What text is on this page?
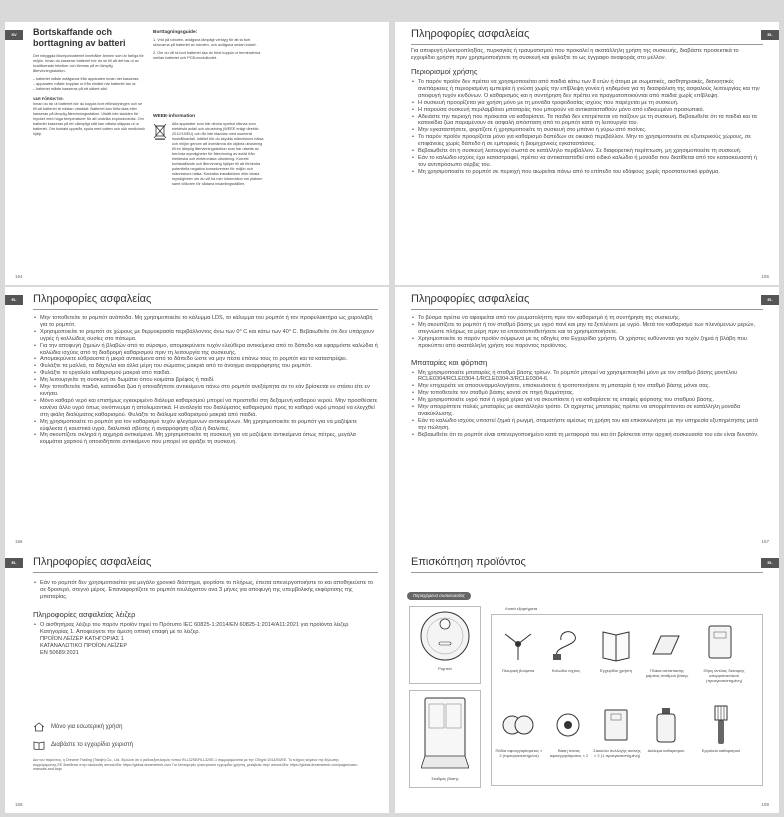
SV	Bortskaffande och borttagning av batteri
Det inbyggda litiumjonbatteriet innehåller ämnen som är farliga för miljön. Innan du kasserar batteriet bör du se till att det tas ut av kvalificerade tekniker och lämnas på en lämplig återvinningsstation.
– batteriet måste avlägsnas från apparaten innan det kasseras;
– apparaten måste kopplas ur från elnätet när batteriet tas ut;
– batteriet måste kasseras på ett säkert sätt.
VAR FÖRSIKTIG:
Innan du tar ut batteriet bör du koppla bort elförsörjningen och se till att batteriet är nästan urladdat. Batteriet kan förbrukas eller kasseras på lämplig återvinningsstation. Utsätt inte sladden för mycket med höga temperaturer för att undvika explosionsrisk. Om batteriet kasseras på ett olämpligt sätt kan vätska släppas ut ur batteriet. Om kontakt uppstår, spola med vatten och sök medicinsk hjälp.
Borttagningsguide:
1. Vrid på roboten, avlägsna lämpligt verktyg för att ta bort skruvarna på batteriet av roboten, och avlägsna sedan locket.
2. Om du vill ta bort batteriet ska du först koppla ur terminalerna mellan batteriet och PCB-modulkortet.
WEEE-information
Alla apparater som bär denna symbol räknas som elektriskt avfall och utrustning (WEEE enligt direktiv 2012/19/EU) och får inte blandas med osorterat hushållsavfall. Istället bör du skydda människors hälsa och miljön genom att överlämna din utjänta utrustning till en lämplig återvinningsstation som har utsetts av berörda myndigheter för återvinning av avfall från elektriska och elektroniska utrustning. Korrekt bortskaffande och återvinning hjälper till att förhindra potentiella negativa konsekvenser för miljön och människors hälsa. Kontakta installatören eller lokala myndigheter om du vill ha mer information om platsen samt villkoren för sådana insamlingsställen.
154
EL
Πληροφορίες ασφαλείας
Για αποφυγή ηλεκτροπληξίας, πυρκαγιάς ή τραυματισμού που προκαλεί η ακατάλληλη χρήση της συσκευής, διαβάστε προσεκτικά το εγχειρίδιο χρήστη πριν χρησιμοποιήσετε τη συσκευή και φυλάξτε το ως έγγραφο αναφοράς στο μέλλον.
Περιορισμοί χρήσης
• Το παρόν προϊόν δεν πρέπει να χρησιμοποιείται από παιδιά κάτω των 8 ετών ή άτομα με σωματικές, αισθητηριακές, διανοητικές ανεπάρκειες ή περιορισμένη εμπειρία ή γνώση χωρίς την επίβλεψη γονέα ή κηδεμόνα για τη διασφάλιση της ασφαλούς λειτουργίας και την αποφυγή τυχόν κινδύνων. Ο καθαρισμός και η συντήρηση δεν πρέπει να πραγματοποιούνται από παιδιά χωρίς επίβλεψη.
• Η συσκευή προορίζεται για χρήση μόνο με τη μονάδα τροφοδοσίας ισχύος που παρέχεται με τη συσκευή.
• Η παρούσα συσκευή περιλαμβάνει μπαταρίες που μπορούν να αντικατασταθούν μόνο από ειδικευμένο προσωπικό.
• Αδειάστε την περιοχή που πρόκειται να καθαρίσετε. Τα παιδιά δεν επιτρέπεται να παίζουν με τη συσκευή. Βεβαιωθείτε ότι τα παιδιά και τα κατοικίδια ζώα παραμένουν σε ασφαλή απόσταση από το ρομπότ κατά τη λειτουργία του.
• Μην εγκαταστήσετε, φορτίζετε ή χρησιμοποιείτε τη συσκευή στο μπάνιο ή γύρω από πισίνες.
• Το παρόν προϊόν προορίζεται μόνο για καθαρισμό δαπέδων σε οικιακό περιβάλλον. Μην το χρησιμοποιείτε σε εξωτερικούς χώρους, σε επιφάνειες χωρίς δάπεδο ή σε εμπορικές ή βιομηχανικές εγκαταστάσεις.
• Βεβαιωθείτε ότι η συσκευή λειτουργεί σωστά σε κατάλληλο περιβάλλον. Σε διαφορετική περίπτωση, μη χρησιμοποιείτε τη συσκευή.
• Εάν το καλώδιο ισχύος έχει καταστραφεί, πρέπει να αντικατασταθεί από ειδικό καλώδιο ή μονάδα που διατίθεται από τον κατασκευαστή ή τον αντιπρόσωπο σέρβις του.
• Μη χρησιμοποιείτε το ρομπότ σε περιοχή που αιωρείται πάνω από το επίπεδο του εδάφους χωρίς προστατευτικό φράγμα.
155
EL	Πληροφορίες ασφαλείας
• Μην τοποθετείτε το ρομπότ ανάποδα. Μη χρησιμοποιείτε το κάλυμμα LDS, το κάλυμμα του ρομπότ ή τον προφυλακτήρα ως χειρολαβή για το ρομπότ.
• Χρησιμοποιείτε το ρομπότ σε χώρους με θερμοκρασία περιβάλλοντος άνω των 0° C και κάτω των 40° C. Βεβαιωθείτε ότι δεν υπάρχουν υγρές ή κολλώδεις ουσίες στο πάτωμα.
• Για την αποφυγή ζημιών ή βλαβών από το σύρσιμο, απομακρύνετε τυχόν ελεύθερα αντικείμενα από το δάπεδο και εφαρμόστε καλώδια ή καλώδια ισχύος από τη διαδρομή καθαρισμού πριν τη λειτουργία της συσκευής.
• Απομακρύνετε εύθραυστα ή μικρά αντικείμενα από το δάπεδο ώστε να μην πέσει επάνω τους το ρομπότ και τα καταστρέψει.
• Φυλάξτε τα μαλλιά, τα δάχτυλα και άλλα μέρη του σώματος μακριά από το άνοιγμα αναρρόφησης του ρομπότ.
• Φυλάξτε το εργαλείο καθαρισμού μακριά από παιδιά.
• Μη λειτουργείτε τη συσκευή σε δωμάτιο όπου κοιμάται βρέφος ή παιδί.
• Μην τοποθετείτε παιδιά, κατοικίδια ζώα ή οποιαδήποτε αντικείμενα πάνω στο ρομπότ ανεξάρτητα αν το εάν βρίσκεται εν στάσει είτε εν κινήσει.
• Μόνο καθαρό νερό και επισήμως εγκεκριμένο διάλυμα καθαρισμού μπορεί να προστεθεί στη δεξαμενή καθαρού νερού. Μην προσθέσετε κανένα άλλο υγρό όπως οινόπνευμα ή απολυμαντικά. Η αναλογία του διαλύματος καθαρισμού προς το καθαρό νερό μπορεί να ελεγχθεί στη φιάλη διαλύματος καθαρισμού. Φυλάξτε το διάλυμα καθαρισμού μακριά από παιδιά.
• Μη χρησιμοποιείτε το ρομπότ για τον καθαρισμό τυχόν φλεγόμενων αντικειμένων. Μη χρησιμοποιείτε το ρομπότ για να μαζέψετε εύφλεκτα ή καυστικά υγρά, διαλυτικά σβέσης ή αναρρόφηση οξέα ή διαλύτες.
• Μη σκουπίζετε σκληρά ή αιχμηρά αντικείμενα. Μη χρησιμοποιείτε τη συσκευή για να μαζέψετε αντικείμενα όπως πέτρες, μεγάλα κομμάτια χαρτιού ή οποιοδήποτε αντικείμενο που μπορεί να φράξει τη συσκευή.
156
EL
Πληροφορίες ασφαλείας
• Το βύσμα πρέπει να αφαιρείται από τον ρευματολήπτη πριν τον καθαρισμό ή τη συντήρηση της συσκευής.
• Μη σκουπίζετε το ρομπότ ή τον σταθμό βάσης με υγρό πανί και μην τα ξεπλένετε με υγρό. Μετά τον καθαρισμό των πλενόμενων μερών, στεγνώστε πλήρως τα μέρη πριν τα επανατοποθετήσετε και τα χρησιμοποιήσετε.
• Χρησιμοποιείτε το παρόν προϊόν σύμφωνα με τις οδηγίες στο Εγχειρίδιο χρήστη. Οι χρήστες ευθύνονται για τυχόν ζημιά ή βλάβη που προκύπτει από ακατάλληλη χρήση του παρόντος προϊόντος.
Μπαταρίες και φόρτιση
• Μη χρησιμοποιείτε μπαταρίες ή σταθμό βάσης τρίτων. Το ρομπότ μπορεί να χρησιμοποιηθεί μόνο με τον σταθμό βάσης μοντέλου RCLE0304/RCLE0304-1/RCLE0304-3/RCLE0304-6.
• Μην επιχειρείτε να αποσυναρμολογήσετε, επισκευάσετε ή τροποποιήσετε τη μπαταρία ή τον σταθμό βάσης μόνοι σας.
• Μην τοποθετείτε τον σταθμό βάσης κοντά σε πηγή θερμότητας.
• Μη χρησιμοποιείτε υγρό πανί ή υγρά χέρια για να σκουπίσετε ή να καθαρίσετε τις επαφές φόρτισης του σταθμού βάσης.
• Μην απορρίπτετε παλιές μπαταρίες με ακατάλληλο τρόπο. Οι αχρηστες μπαταρίες πρέπει να απορρίπτονται σε κατάλληλη μονάδα ανακύκλωσης.
• Εάν το καλώδιο ισχύος υποστεί ζημιά ή ρωγμή, σταματήστε αμέσως τη χρήση του και επικοινωνήστε με την υπηρεσία εξυπηρέτησης μετά την πώληση.
• Βεβαιωθείτε ότι το ρομπότ είναι απενεργοποιημένο κατά τη μεταφορά του και ότι βρίσκεται στην αρχική συσκευασία του εάν είναι δυνατόν.
157
EL	Πληροφορίες ασφαλείας
• Εάν το ρομπότ δεν χρησιμοποιείται για μεγάλο χρονικό διάστημα, φορτίστε το πλήρως, έπειτα απενεργοποιήστε το και αποθηκεύστε το σε δροσερό, στεγνό μέρος. Επαναφορτίζετε το ρομπότ τουλάχιστον ανα 3 μήνες για αποφυγή της υπερβολικής εκφόρτισης της μπαταρίας.
Πληροφορίες ασφαλείας λέιζερ
• Ο αισθητήρας λέιζερ του παρόν προϊόν τηρεί το Πρότυπο IEC 60825-1:2014/EN 60825-1:2014/A11:2021 για προϊόντα λέιζερ Κατηγορίας 1. Αποφεύγετε την άμεση οπτική επαφή με το λέιζερ.
ΠΡΟΪΟΝ ΛΕΪΖΕΡ ΚΑΤΗΓΟΡΙΑΣ 1
ΚΑΤΑΝΑΛΩΤΙΚΟ ΠΡΟΪΟΝ ΛΕΪΖΕΡ
EN 50689:2021
Μόνο για εσωτερική χρήση
Διαβάστε το εγχειρίδιο χειριστή
Δια του παρόντος, η Dreame Trading (Tianjin) Co., Ltd. δηλώνει ότι ο ραδιοεξοπλισμός τύπου RLL32SE/RLL32SE-1 συμμορφώνεται με την Οδηγία 2014/53/ΕΕ. Το πλήρες κείμενο της δήλωσης συμμόρφωσης ΕΕ διατίθεται στην ακόλουθη ιστοσελίδα: https://global.dreametech.com Για λεπτομερές ηλεκτρονικό εγχειρίδιο χρήστη, μεταβείτε στην ιστοσελίδα: https://global.dreametech.com/pages/user-manuals-and-faqs
158
EL
Επισκόπηση προϊόντος
Περιεχόμενα συσκευασίας
Ρομπότ
Σταθμός βάσης
Λοιπά εξαρτήματα
Πλευρική βούρτσα	Καλώδιο ισχύος	Εγχειρίδιο χρήστη	Πλάκα απόσπασης ράμπας σταθμού βάσης
Θήκη αντλίας διανομής απορρυπαντικού (προεγκατεστημένη)
Πάδια σφουγγαρίσματος × 2 (προεγκατεστημένα)
Βάση πάνας σφουγγαρίσματος × 2
Σακούλα συλλογής σκόνης × 2 (1 προεγκατεστημένη)
Διάλυμα καθαρισμού	Εργαλείο καθαρισμού
159
